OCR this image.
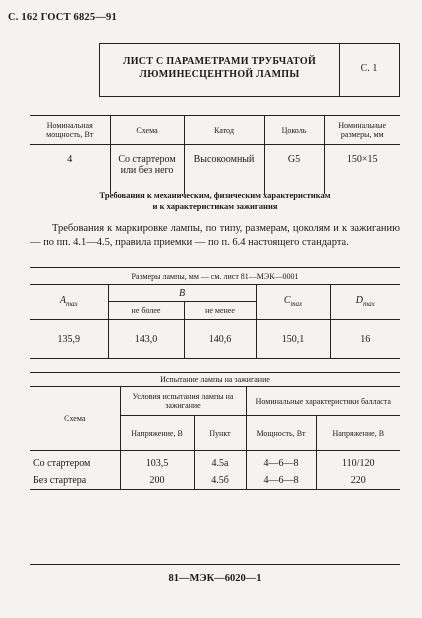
С. 162 ГОСТ 6825—91
ЛИСТ С ПАРАМЕТРАМИ ТРУБЧАТОЙ
ЛЮМИНЕСЦЕНТНОЙ ЛАМПЫ
С. 1
Номинальная мощность, Вт	Схема	Катод	Цоколь	Номинальные размеры, мм
4	Со стартером или без него	Высокоомный	G5	150×15
Требования к механическим, физическим характеристикам
и к характеристикам зажигания
Требования к маркировке лампы, по типу, размерам, цоколям и к зажиганию — по пп. 4.1—4.5, правила приемки — по п. 6.4 настоящего стандарта.
Размеры лампы, мм — см. лист 81—МЭК—0001				
$A_{max}$	B		$C_{max}$	$D_{max}$
	не более	не менее		
135,9	143,0	140,6	150,1	16
Испытание лампы на зажигание				
Схема	Условия испытания лампы на зажигание		Номинальные характеристики балласта	
	Напряжение, В	Пункт	Мощность, Вт	Напряжение, В
Со стартером	103,5	4.5а	4—6—8	110/120
Без стартера	200	4.5б	4—6—8	220
81—МЭК—6020—1
